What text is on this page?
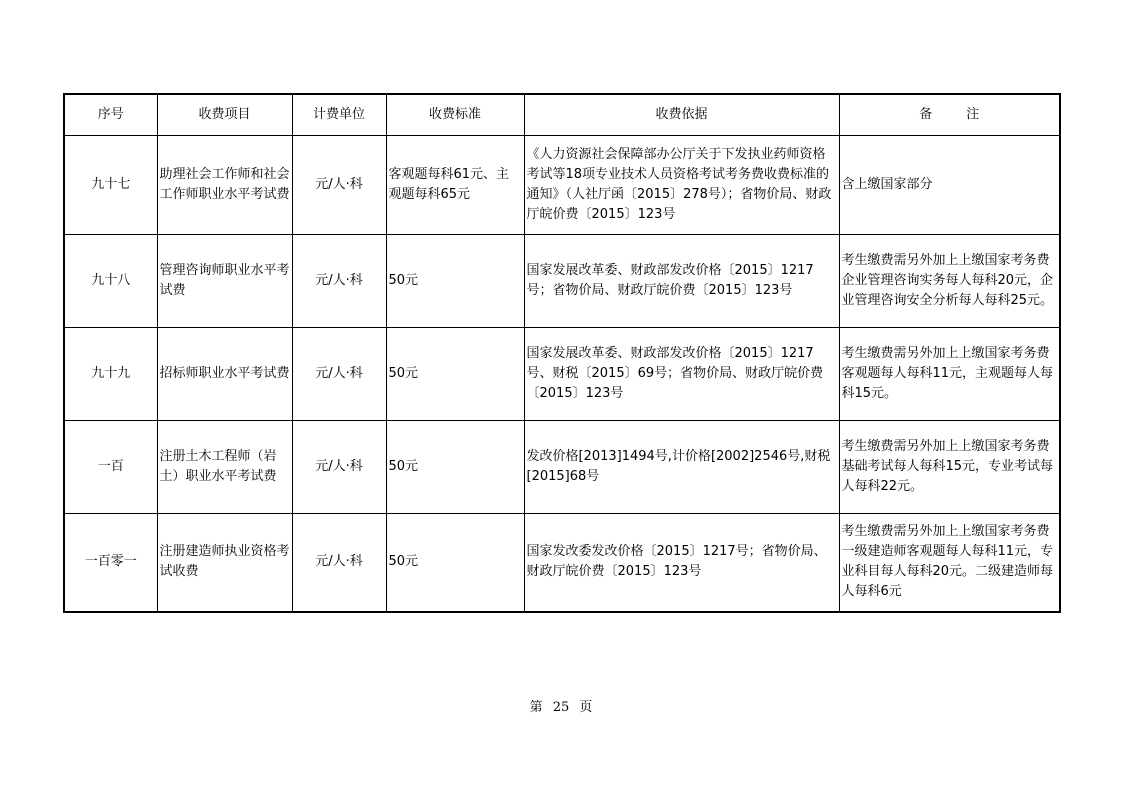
序号	收费项目	计费单位	收费标准	收费依据	备 注
九十七	助理社会工作师和社会工作师职业水平考试费	元/人·科	客观题每科61元、主观题每科65元	《人力资源社会保障部办公厅关于下发执业药师资格考试等18项专业技术人员资格考试考务费收费标准的通知》（人社厅函〔2015〕278号）；省物价局、财政厅皖价费〔2015〕123号	含上缴国家部分
九十八	管理咨询师职业水平考试费	元/人·科	50元	国家发展改革委、财政部发改价格〔2015〕1217号；省物价局、财政厅皖价费〔2015〕123号	考生缴费需另外加上上缴国家考务费企业管理咨询实务每人每科20元，企业管理咨询安全分析每人每科25元。
九十九	招标师职业水平考试费	元/人·科	50元	国家发展改革委、财政部发改价格〔2015〕1217号、财税〔2015〕69号；省物价局、财政厅皖价费〔2015〕123号	考生缴费需另外加上上缴国家考务费客观题每人每科11元，主观题每人每科15元。
一百	注册土木工程师（岩土）职业水平考试费	元/人·科	50元	发改价格[2013]1494号,计价格[2002]2546号,财税[2015]68号	考生缴费需另外加上上缴国家考务费基础考试每人每科15元，专业考试每人每科22元。
一百零一	注册建造师执业资格考试收费	元/人·科	50元	国家发改委发改价格〔2015〕1217号；省物价局、财政厅皖价费〔2015〕123号	考生缴费需另外加上上缴国家考务费一级建造师客观题每人每科11元，专业科目每人每科20元。二级建造师每人每科6元
第 25 页
